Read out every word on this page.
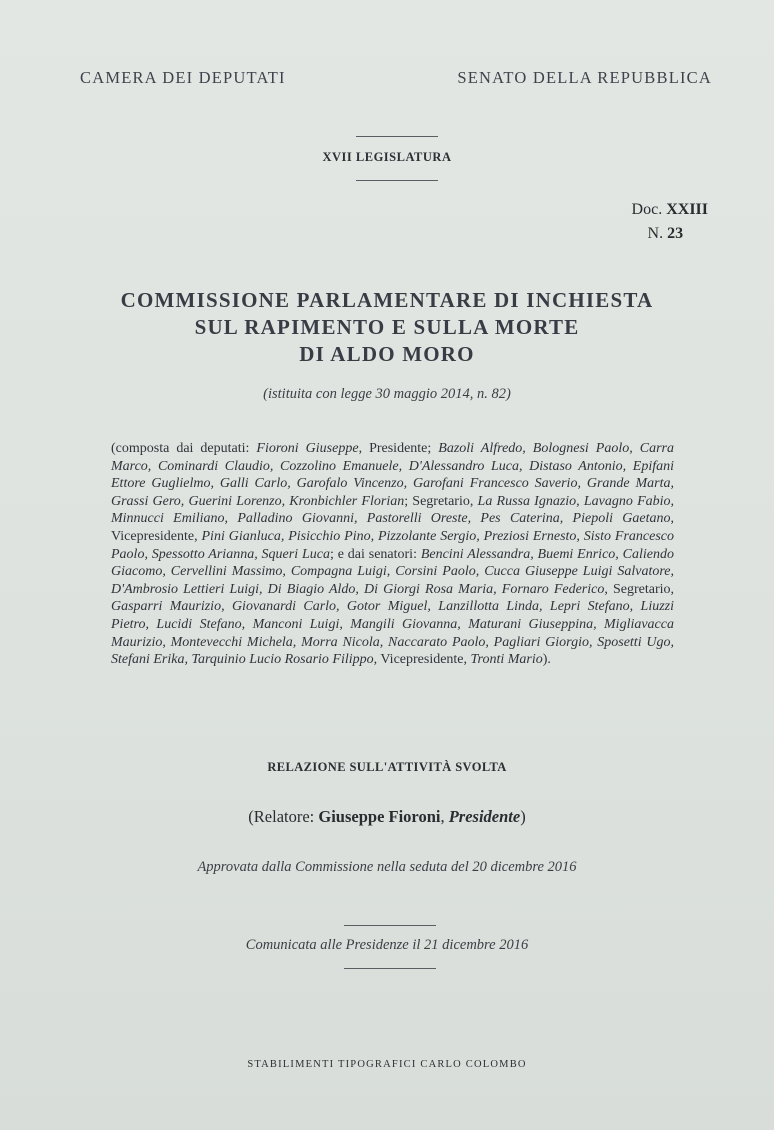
CAMERA DEI DEPUTATI	SENATO DELLA REPUBBLICA
XVII LEGISLATURA
Doc. XXIII
N. 23
COMMISSIONE PARLAMENTARE DI INCHIESTA
SUL RAPIMENTO E SULLA MORTE
DI ALDO MORO
(istituita con legge 30 maggio 2014, n. 82)
(composta dai deputati: Fioroni Giuseppe, Presidente; Bazoli Alfredo, Bolognesi Paolo, Carra Marco, Cominardi Claudio, Cozzolino Emanuele, D'Alessandro Luca, Distaso Antonio, Epifani Ettore Guglielmo, Galli Carlo, Garofalo Vincenzo, Garofani Francesco Saverio, Grande Marta, Grassi Gero, Guerini Lorenzo, Kronbichler Florian; Segretario, La Russa Ignazio, Lavagno Fabio, Minnucci Emiliano, Palladino Giovanni, Pastorelli Oreste, Pes Caterina, Piepoli Gaetano, Vicepresidente, Pini Gianluca, Pisicchio Pino, Pizzolante Sergio, Preziosi Ernesto, Sisto Francesco Paolo, Spessotto Arianna, Squeri Luca; e dai senatori: Bencini Alessandra, Buemi Enrico, Caliendo Giacomo, Cervellini Massimo, Compagna Luigi, Corsini Paolo, Cucca Giuseppe Luigi Salvatore, D'Ambrosio Lettieri Luigi, Di Biagio Aldo, Di Giorgi Rosa Maria, Fornaro Federico, Segretario, Gasparri Maurizio, Giovanardi Carlo, Gotor Miguel, Lanzillotta Linda, Lepri Stefano, Liuzzi Pietro, Lucidi Stefano, Manconi Luigi, Mangili Giovanna, Maturani Giuseppina, Migliavacca Maurizio, Montevecchi Michela, Morra Nicola, Naccarato Paolo, Pagliari Giorgio, Sposetti Ugo, Stefani Erika, Tarquinio Lucio Rosario Filippo, Vicepresidente, Tronti Mario).
RELAZIONE SULL'ATTIVITÀ SVOLTA
(Relatore: Giuseppe Fioroni, Presidente)
Approvata dalla Commissione nella seduta del 20 dicembre 2016
Comunicata alle Presidenze il 21 dicembre 2016
STABILIMENTI TIPOGRAFICI CARLO COLOMBO
